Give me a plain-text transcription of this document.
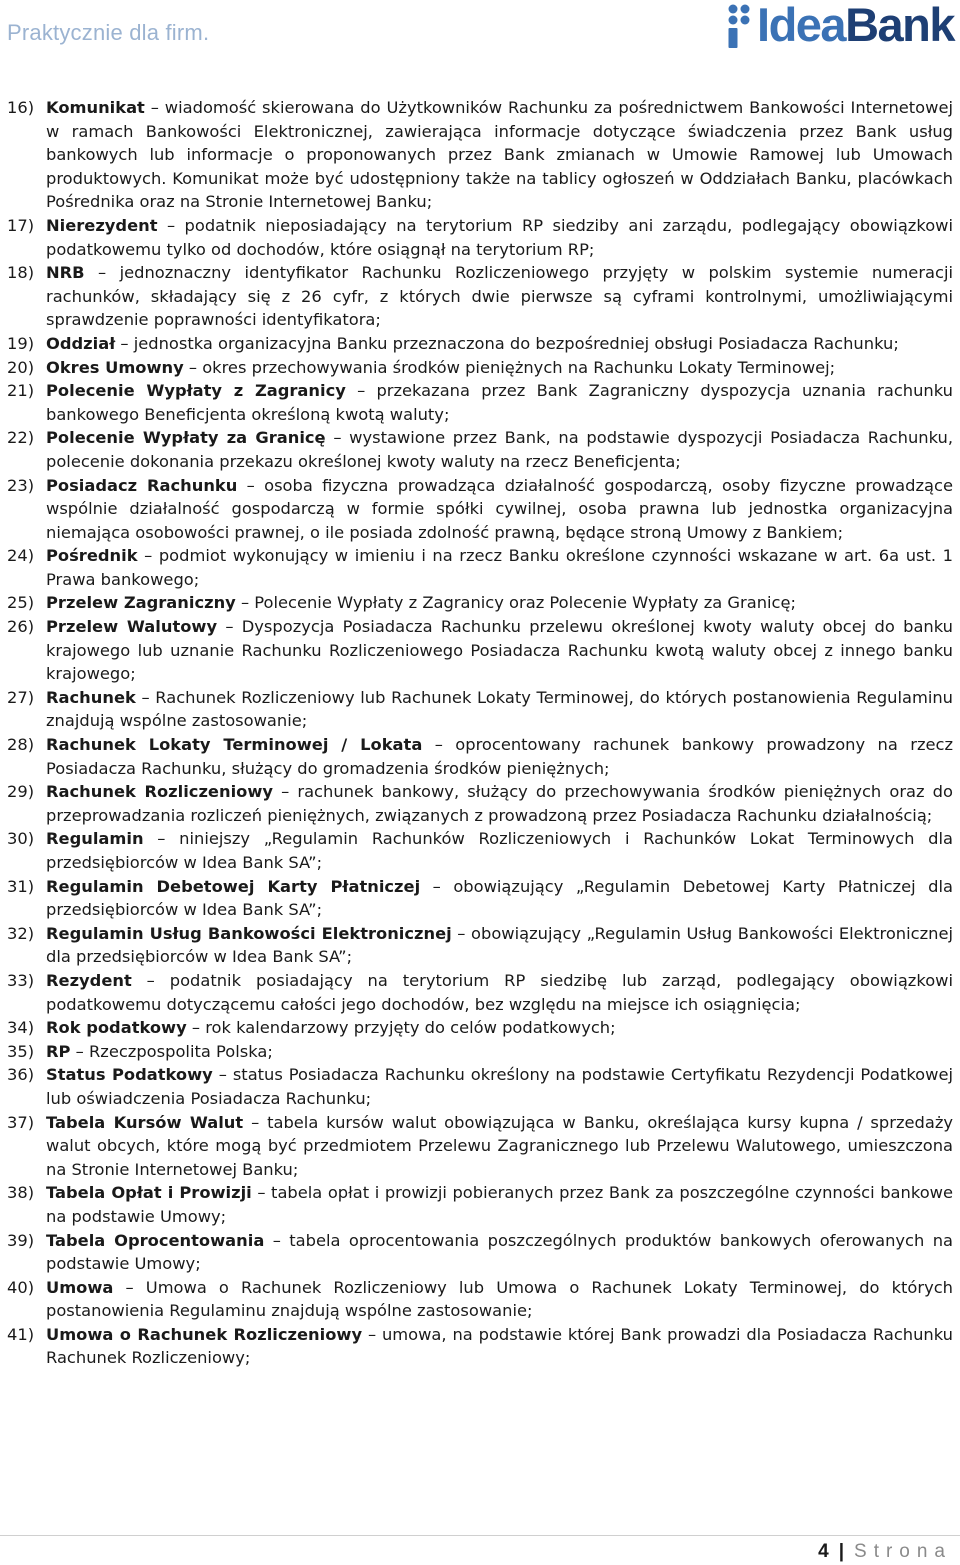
Praktycznie dla firm.	IdeaBank
16) Komunikat – wiadomość skierowana do Użytkowników Rachunku za pośrednictwem Bankowości Internetowej w ramach Bankowości Elektronicznej, zawierająca informacje dotyczące świadczenia przez Bank usług bankowych lub informacje o proponowanych przez Bank zmianach w Umowie Ramowej lub Umowach produktowych. Komunikat może być udostępniony także na tablicy ogłoszeń w Oddziałach Banku, placówkach Pośrednika oraz na Stronie Internetowej Banku;
17) Nierezydent – podatnik nieposiadający na terytorium RP siedziby ani zarządu, podlegający obowiązkowi podatkowemu tylko od dochodów, które osiągnął na terytorium RP;
18) NRB – jednoznaczny identyfikator Rachunku Rozliczeniowego przyjęty w polskim systemie numeracji rachunków, składający się z 26 cyfr, z których dwie pierwsze są cyframi kontrolnymi, umożliwiającymi sprawdzenie poprawności identyfikatora;
19) Oddział – jednostka organizacyjna Banku przeznaczona do bezpośredniej obsługi Posiadacza Rachunku;
20) Okres Umowny – okres przechowywania środków pieniężnych na Rachunku Lokaty Terminowej;
21) Polecenie Wypłaty z Zagranicy – przekazana przez Bank Zagraniczny dyspozycja uznania rachunku bankowego Beneficjenta określoną kwotą waluty;
22) Polecenie Wypłaty za Granicę – wystawione przez Bank, na podstawie dyspozycji Posiadacza Rachunku, polecenie dokonania przekazu określonej kwoty waluty na rzecz Beneficjenta;
23) Posiadacz Rachunku – osoba fizyczna prowadząca działalność gospodarczą, osoby fizyczne prowadzące wspólnie działalność gospodarczą w formie spółki cywilnej, osoba prawna lub jednostka organizacyjna niemająca osobowości prawnej, o ile posiada zdolność prawną, będące stroną Umowy z Bankiem;
24) Pośrednik – podmiot wykonujący w imieniu i na rzecz Banku określone czynności wskazane w art. 6a ust. 1 Prawa bankowego;
25) Przelew Zagraniczny – Polecenie Wypłaty z Zagranicy oraz Polecenie Wypłaty za Granicę;
26) Przelew Walutowy – Dyspozycja Posiadacza Rachunku przelewu określonej kwoty waluty obcej do banku krajowego lub uznanie Rachunku Rozliczeniowego Posiadacza Rachunku kwotą waluty obcej z innego banku krajowego;
27) Rachunek – Rachunek Rozliczeniowy lub Rachunek Lokaty Terminowej, do których postanowienia Regulaminu znajdują wspólne zastosowanie;
28) Rachunek Lokaty Terminowej / Lokata – oprocentowany rachunek bankowy prowadzony na rzecz Posiadacza Rachunku, służący do gromadzenia środków pieniężnych;
29) Rachunek Rozliczeniowy – rachunek bankowy, służący do przechowywania środków pieniężnych oraz do przeprowadzania rozliczeń pieniężnych, związanych z prowadzoną przez Posiadacza Rachunku działalnością;
30) Regulamin – niniejszy „Regulamin Rachunków Rozliczeniowych i Rachunków Lokat Terminowych dla przedsiębiorców w Idea Bank SA”;
31) Regulamin Debetowej Karty Płatniczej – obowiązujący „Regulamin Debetowej Karty Płatniczej dla przedsiębiorców w Idea Bank SA”;
32) Regulamin Usług Bankowości Elektronicznej – obowiązujący „Regulamin Usług Bankowości Elektronicznej dla przedsiębiorców w Idea Bank SA”;
33) Rezydent – podatnik posiadający na terytorium RP siedzibę lub zarząd, podlegający obowiązkowi podatkowemu dotyczącemu całości jego dochodów, bez względu na miejsce ich osiągnięcia;
34) Rok podatkowy – rok kalendarzowy przyjęty do celów podatkowych;
35) RP – Rzeczpospolita Polska;
36) Status Podatkowy – status Posiadacza Rachunku określony na podstawie Certyfikatu Rezydencji Podatkowej lub oświadczenia Posiadacza Rachunku;
37) Tabela Kursów Walut – tabela kursów walut obowiązująca w Banku, określająca kursy kupna / sprzedaży walut obcych, które mogą być przedmiotem Przelewu Zagranicznego lub Przelewu Walutowego, umieszczona na Stronie Internetowej Banku;
38) Tabela Opłat i Prowizji – tabela opłat i prowizji pobieranych przez Bank za poszczególne czynności bankowe na podstawie Umowy;
39) Tabela Oprocentowania – tabela oprocentowania poszczególnych produktów bankowych oferowanych na podstawie Umowy;
40) Umowa – Umowa o Rachunek Rozliczeniowy lub Umowa o Rachunek Lokaty Terminowej, do których postanowienia Regulaminu znajdują wspólne zastosowanie;
41) Umowa o Rachunek Rozliczeniowy – umowa, na podstawie której Bank prowadzi dla Posiadacza Rachunku Rachunek Rozliczeniowy;
4 | Strona
